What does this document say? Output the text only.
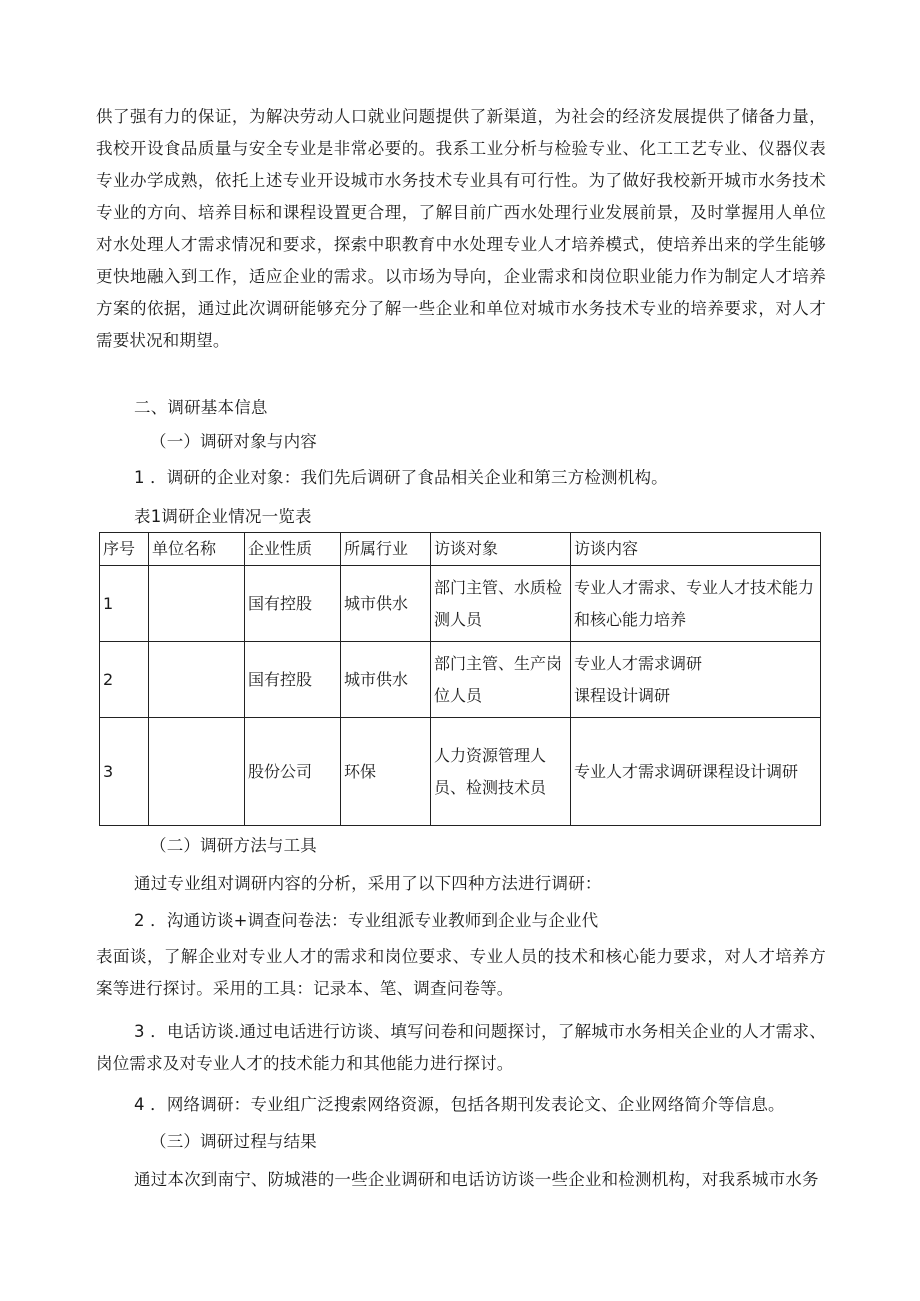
供了强有力的保证，为解决劳动人口就业问题提供了新渠道，为社会的经济发展提供了储备力量，我校开设食品质量与安全专业是非常必要的。我系工业分析与检验专业、化工工艺专业、仪器仪表专业办学成熟，依托上述专业开设城市水务技术专业具有可行性。为了做好我校新开城市水务技术专业的方向、培养目标和课程设置更合理，了解目前广西水处理行业发展前景，及时掌握用人单位对水处理人才需求情况和要求，探索中职教育中水处理专业人才培养模式，使培养出来的学生能够更快地融入到工作，适应企业的需求。以市场为导向，企业需求和岗位职业能力作为制定人才培养方案的依据，通过此次调研能够充分了解一些企业和单位对城市水务技术专业的培养要求，对人才需要状况和期望。

二、调研基本信息
（一）调研对象与内容
1 ．调研的企业对象：我们先后调研了食品相关企业和第三方检测机构。
表1调研企业情况一览表
序号	单位名称	企业性质	所属行业	访谈对象	访谈内容
1		国有控股	城市供水	部门主管、水质检测人员	专业人才需求、专业人才技术能力和核心能力培养
2		国有控股	城市供水	部门主管、生产岗位人员	专业人才需求调研
课程设计调研

3		股份公司	环保	人力资源管理人员、检测技术员	专业人才需求调研课程设计调研
（二）调研方法与工具
通过专业组对调研内容的分析，采用了以下四种方法进行调研：
2 ．沟通访谈+调查问卷法：专业组派专业教师到企业与企业代

表面谈，了解企业对专业人才的需求和岗位要求、专业人员的技术和核心能力要求，对人才培养方案等进行探讨。采用的工具：记录本、笔、调查问卷等。

3 ．电话访谈.通过电话进行访谈、填写问卷和问题探讨，了解城市水务相关企业的人才需求、岗位需求及对专业人才的技术能力和其他能力进行探讨。

4 ．网络调研：专业组广泛搜索网络资源，包括各期刊发表论文、企业网络简介等信息。
（三）调研过程与结果
通过本次到南宁、防城港的一些企业调研和电话访访谈一些企业和检测机构，对我系城市水务
